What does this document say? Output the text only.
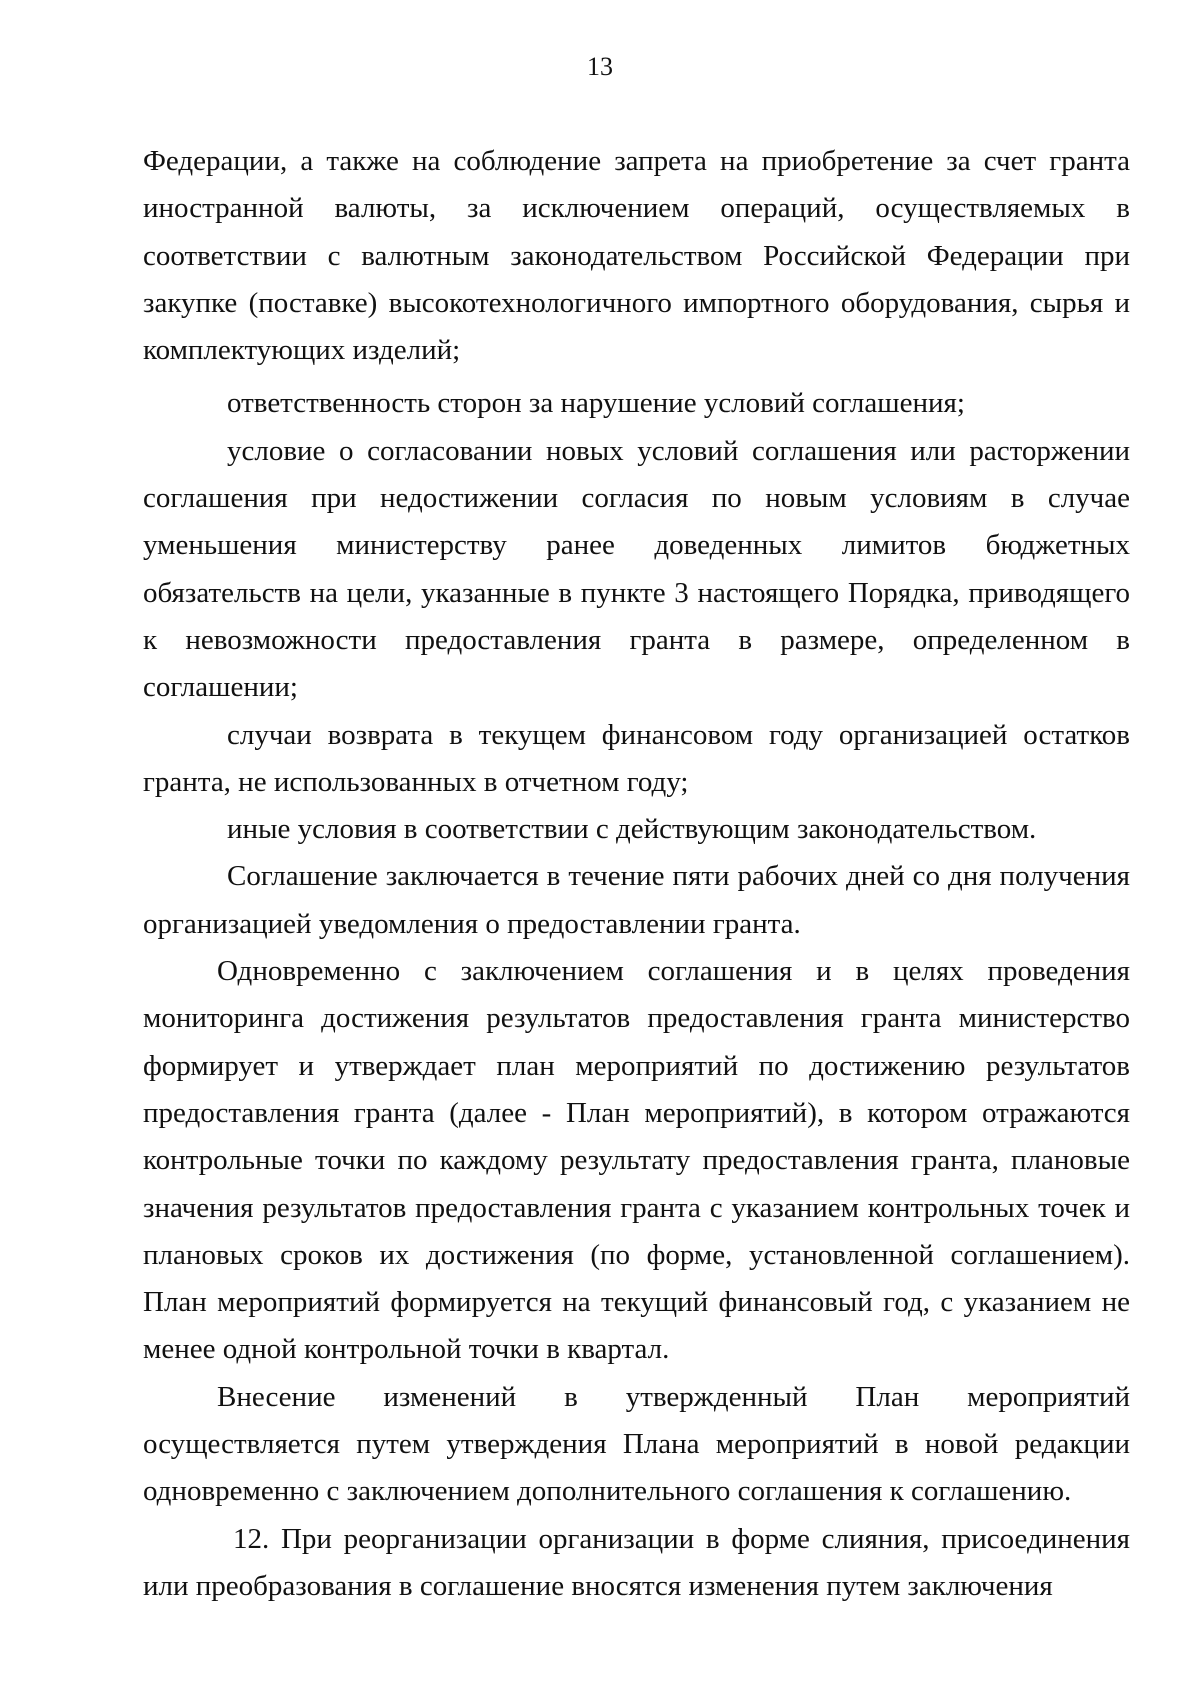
13

Федерации, а также на соблюдение запрета на приобретение за счет гранта иностранной валюты, за исключением операций, осуществляемых в соответствии с валютным законодательством Российской Федерации при закупке (поставке) высокотехнологичного импортного оборудования, сырья и комплектующих изделий;

ответственность сторон за нарушение условий соглашения;

условие о согласовании новых условий соглашения или расторжении соглашения при недостижении согласия по новым условиям в случае уменьшения министерству ранее доведенных лимитов бюджетных обязательств на цели, указанные в пункте 3 настоящего Порядка, приводящего к невозможности предоставления гранта в размере, определенном в соглашении;

случаи возврата в текущем финансовом году организацией остатков гранта, не использованных в отчетном году;

иные условия в соответствии с действующим законодательством.

Соглашение заключается в течение пяти рабочих дней со дня получения организацией уведомления о предоставлении гранта.

Одновременно с заключением соглашения и в целях проведения мониторинга достижения результатов предоставления гранта министерство формирует и утверждает план мероприятий по достижению результатов предоставления гранта (далее - План мероприятий), в котором отражаются контрольные точки по каждому результату предоставления гранта, плановые значения результатов предоставления гранта с указанием контрольных точек и плановых сроков их достижения (по форме, установленной соглашением). План мероприятий формируется на текущий финансовый год, с указанием не менее одной контрольной точки в квартал.

Внесение изменений в утвержденный План мероприятий осуществляется путем утверждения Плана мероприятий в новой редакции одновременно с заключением дополнительного соглашения к соглашению.

12. При реорганизации организации в форме слияния, присоединения или преобразования в соглашение вносятся изменения путем заключения
